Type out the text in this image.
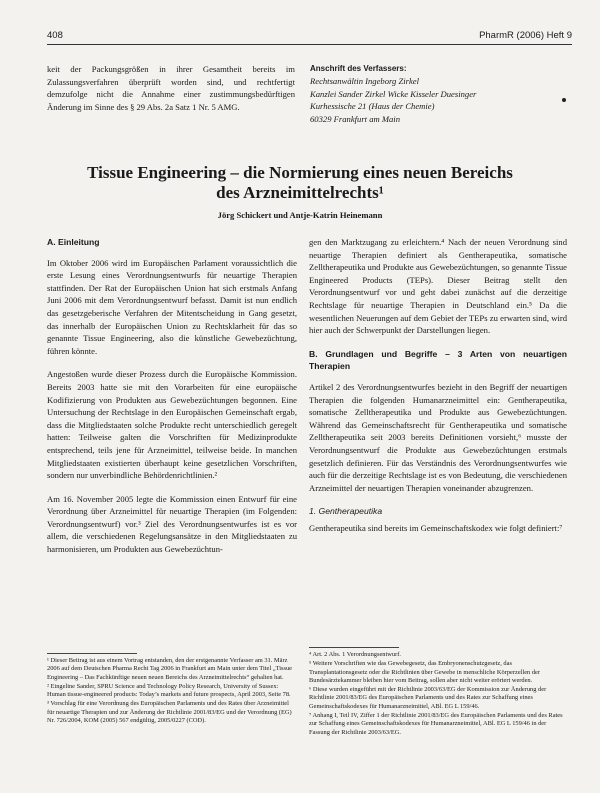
408	PharmR (2006) Heft 9

keit der Packungsgrößen in ihrer Gesamtheit bereits im Zulassungsverfahren überprüft worden sind, und rechtfertigt demzufolge nicht die Annahme einer zustimmungsbedürftigen Änderung im Sinne des § 29 Abs. 2a Satz 1 Nr. 5 AMG.

Anschrift des Verfassers:
Rechtsanwältin Ingeborg Zirkel
Kanzlei Sander Zirkel Wicke Kisseler Duesinger
Kurhessische 21 (Haus der Chemie)
60329 Frankfurt am Main
Tissue Engineering – die Normierung eines neuen Bereichs
des Arzneimittelrechts¹
Jörg Schickert und Antje-Katrin Heinemann

A. Einleitung

Im Oktober 2006 wird im Europäischen Parlament voraussichtlich die erste Lesung eines Verordnungsentwurfs für neuartige Therapien stattfinden. Der Rat der Europäischen Union hat sich erstmals Anfang Juni 2006 mit dem Verordnungsentwurf befasst. Damit ist nun endlich das gesetzgeberische Verfahren der Mitentscheidung in Gang gesetzt, das innerhalb der Europäischen Union zu Rechtsklarheit für das so genannte Tissue Engineering, also die künstliche Gewebezüchtung, führen könnte.

Angestoßen wurde dieser Prozess durch die Europäische Kommission. Bereits 2003 hatte sie mit den Vorarbeiten für eine europäische Kodifizierung von Produkten aus Gewebezüchtungen begonnen. Eine Untersuchung der Rechtslage in den Europäischen Gemeinschaft ergab, dass die Mitgliedstaaten solche Produkte recht unterschiedlich geregelt hatten: Teilweise galten die Vorschriften für Medizinprodukte entsprechend, teils jene für Arzneimittel, teilweise beide. In manchen Mitgliedstaaten existierten überhaupt keine gesetzlichen Vorschriften, sondern nur unverbindliche Behördenrichtlinien.²

Am 16. November 2005 legte die Kommission einen Entwurf für eine Verordnung über Arzneimittel für neuartige Therapien (im Folgenden: Verordnungsentwurf) vor.³ Ziel des Verordnungsentwurfes ist es vor allem, die verschiedenen Regelungsansätze in den Mitgliedstaaten zu harmonisieren, um Produkten aus Gewebezüchtun-

gen den Marktzugang zu erleichtern.⁴ Nach der neuen Verordnung sind neuartige Therapien definiert als Gentherapeutika, somatische Zelltherapeutika und Produkte aus Gewebezüchtungen, so genannte Tissue Engineered Products (TEPs). Dieser Beitrag stellt den Verordnungsentwurf vor und geht dabei zunächst auf die derzeitige Rechtslage für neuartige Therapien in Deutschland ein.⁵ Da die wesentlichen Neuerungen auf dem Gebiet der TEPs zu erwarten sind, wird hier auch der Schwerpunkt der Darstellungen liegen.

B. Grundlagen und Begriffe – 3 Arten von neuartigen Therapien

Artikel 2 des Verordnungsentwurfes bezieht in den Begriff der neuartigen Therapien die folgenden Humanarzneimittel ein: Gentherapeutika, somatische Zelltherapeutika und Produkte aus Gewebezüchtungen. Während das Gemeinschaftsrecht für Gentherapeutika und somatische Zelltherapeutika seit 2003 bereits Definitionen vorsieht,⁶ musste der Verordnungsentwurf die Produkte aus Gewebezüchtungen erstmals gesetzlich definieren. Für das Verständnis des Verordnungsentwurfes wie auch für die derzeitige Rechtslage ist es von Bedeutung, die verschiedenen Arzneimittel der neuartigen Therapien voneinander abzugrenzen.

1. Gentherapeutika

Gentherapeutika sind bereits im Gemeinschaftskodex wie folgt definiert:⁷

¹ Dieser Beitrag ist aus einem Vortrag entstanden, den der erstgenannte Verfasser am 31. März 2006 auf dem Deutschen Pharma Recht Tag 2006 in Frankfurt am Main unter dem Titel „Tissue Engineering – Das Fachkünftige neuen neuen Bereichs des Arzneimittelrechts“ gehalten hat.

² Eingeline Sander, SPRU Science and Technology Policy Research, University of Sussex: Human tissue-engineered products: Today’s markets and future prospects, April 2003, Seite 78.

³ Vorschlag für eine Verordnung des Europäischen Parlaments und des Rates über Arzneimittel für neuartige Therapien und zur Änderung der Richtlinie 2001/83/EG und der Verordnung (EG) Nr. 726/2004, KOM (2005) 567 endgültig, 2005/0227 (COD).

⁴ Art. 2 Abs. 1 Verordnungsentwurf.

⁵ Weitere Vorschriften wie das Gewebegesetz, das Embryonenschutzgesetz, das Transplantationsgesetz oder die Richtlinien über Gewebe in menschliche Körperzellen der Bundesärztekammer bleiben hier vom Beitrag, sollen aber nicht weiter erörtert werden.

⁶ Diese wurden eingeführt mit der Richtlinie 2003/63/EG der Kommission zur Änderung der Richtlinie 2001/83/EG des Europäischen Parlaments und des Rates zur Schaffung eines Gemeinschaftskodexes für Humanarzneimittel, ABl. EG L 159/46.

⁷ Anhang I, Teil IV, Ziffer 1 der Richtlinie 2001/83/EG des Europäischen Parlaments und des Rates zur Schaffung eines Gemeinschaftskodexes für Humanarzneimittel, ABl. EG L 159/46 in der Fassung der Richtlinie 2003/63/EG.
